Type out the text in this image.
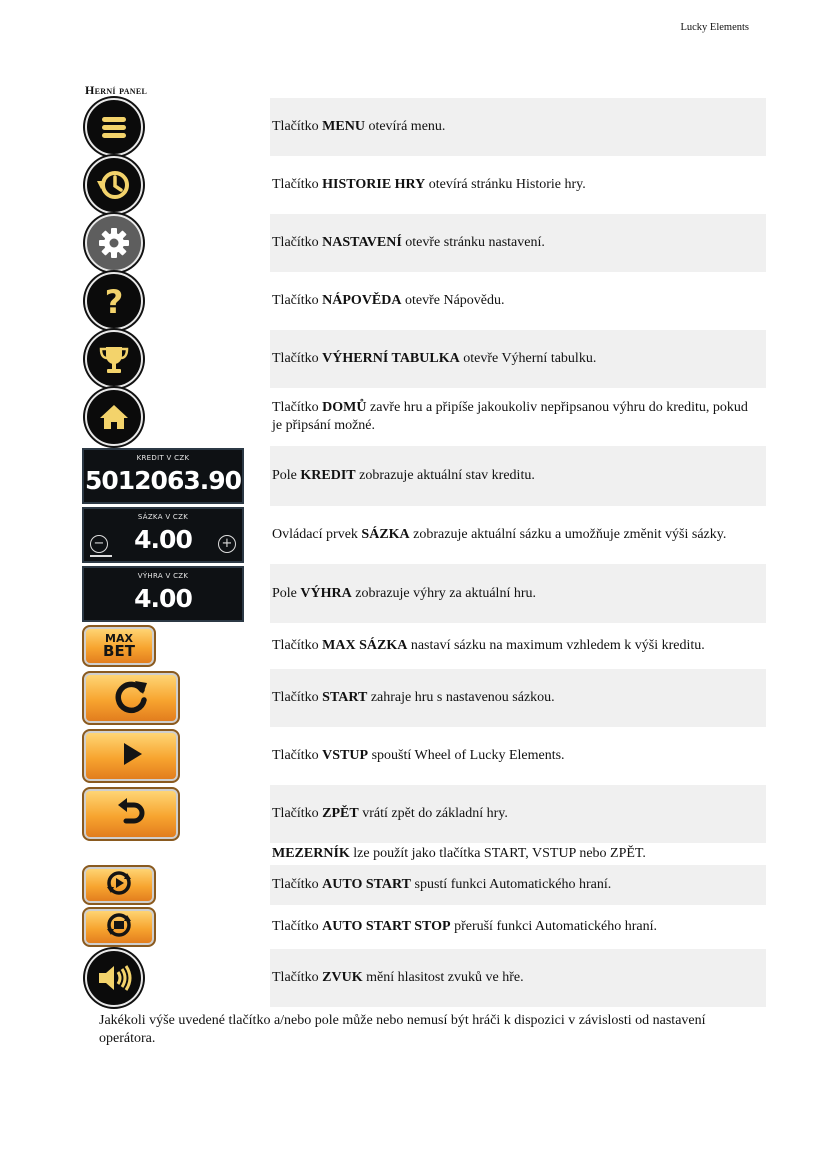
Lucky Elements
Herní panel
	Tlačítko MENU otevírá menu.

	Tlačítko HISTORIE HRY otevírá stránku Historie hry.

	Tlačítko NASTAVENÍ otevře stránku nastavení.

?	Tlačítko NÁPOVĚDA otevře Nápovědu.

	Tlačítko VÝHERNÍ TABULKA otevře Výherní tabulku.

	Tlačítko DOMŮ zavře hru a připíše jakoukoliv nepřipsanou výhru do kreditu, pokud je připsání možné.

KREDIT V CZK
5012063.90	Pole KREDIT zobrazuje aktuální stav kreditu.

SÁZKA V CZK
4.00
− +	Ovládací prvek SÁZKA zobrazuje aktuální sázku a umožňuje změnit výši sázky.

VÝHRA V CZK
4.00	Pole VÝHRA zobrazuje výhry za aktuální hru.

MAX
BET	Tlačítko MAX SÁZKA nastaví sázku na maximum vzhledem k výši kreditu.

	Tlačítko START zahraje hru s nastavenou sázkou.

	Tlačítko VSTUP spouští Wheel of Lucky Elements.

	Tlačítko ZPĚT vrátí zpět do základní hry.
	MEZERNÍK lze použít jako tlačítka START, VSTUP nebo ZPĚT.

	Tlačítko AUTO START spustí funkci Automatického hraní.

	Tlačítko AUTO START STOP přeruší funkci Automatického hraní.

	Tlačítko ZVUK mění hlasitost zvuků ve hře.
Jakékoli výše uvedené tlačítko a/nebo pole může nebo nemusí být hráči k dispozici v závislosti od nastavení operátora.
